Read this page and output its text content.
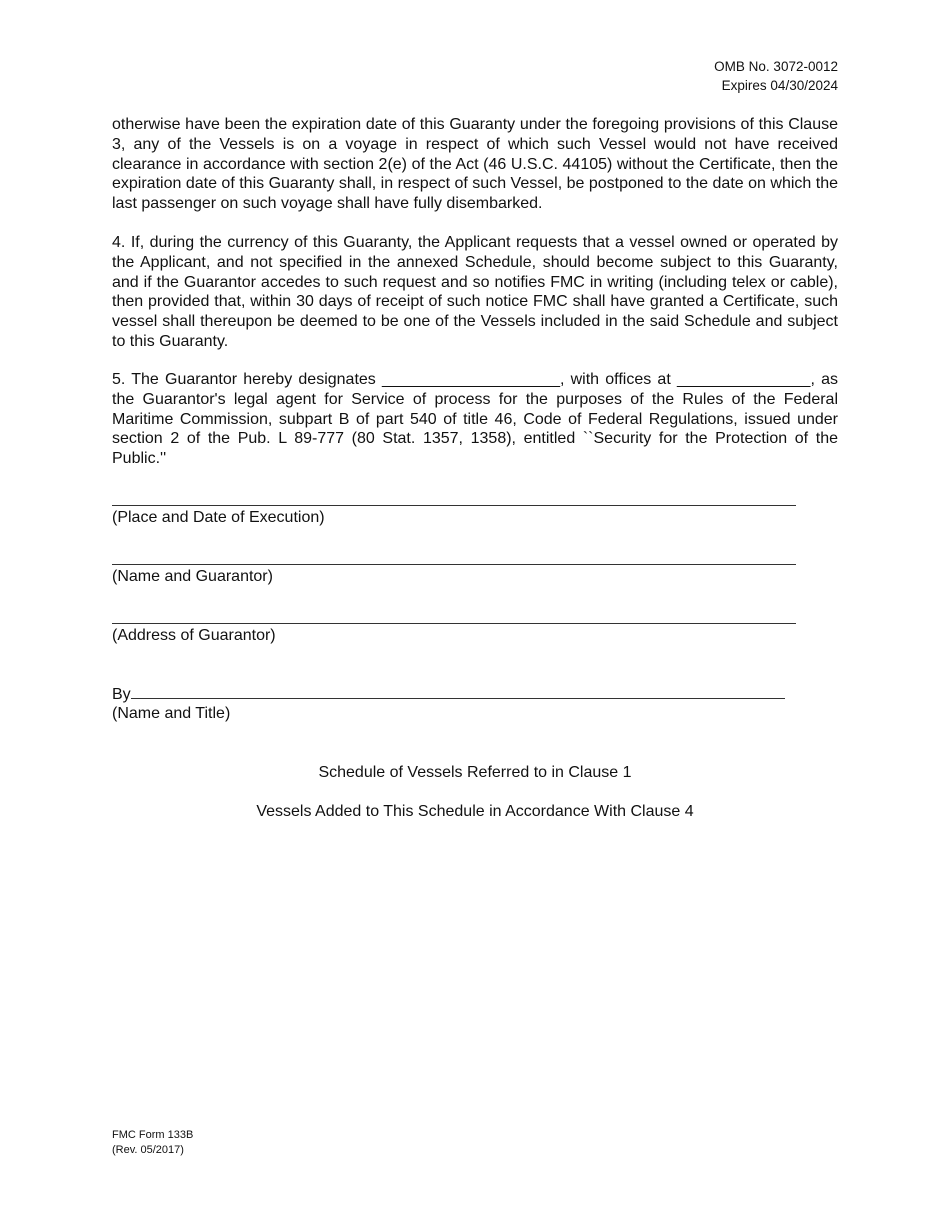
OMB No. 3072-0012
Expires 04/30/2024
otherwise have been the expiration date of this Guaranty under the foregoing provisions of this Clause 3, any of the Vessels is on a voyage in respect of which such Vessel would not have received clearance in accordance with section 2(e) of the Act (46 U.S.C. 44105) without the Certificate, then the expiration date of this Guaranty shall, in respect of such Vessel, be postponed to the date on which the last passenger on such voyage shall have fully disembarked.
4. If, during the currency of this Guaranty, the Applicant requests that a vessel owned or operated by the Applicant, and not specified in the annexed Schedule, should become subject to this Guaranty, and if the Guarantor accedes to such request and so notifies FMC in writing (including telex or cable), then provided that, within 30 days of receipt of such notice FMC shall have granted a Certificate, such vessel shall thereupon be deemed to be one of the Vessels included in the said Schedule and subject to this Guaranty.
5. The Guarantor hereby designates ____________________, with offices at _______________, as the Guarantor's legal agent for Service of process for the purposes of the Rules of the Federal Maritime Commission, subpart B of part 540 of title 46, Code of Federal Regulations, issued under section 2 of the Pub. L 89-777 (80 Stat. 1357, 1358), entitled ``Security for the Protection of the Public.''
(Place and Date of Execution)
(Name and Guarantor)
(Address of Guarantor)
By
(Name and Title)
Schedule of Vessels Referred to in Clause 1
Vessels Added to This Schedule in Accordance With Clause 4
FMC Form 133B
(Rev. 05/2017)
